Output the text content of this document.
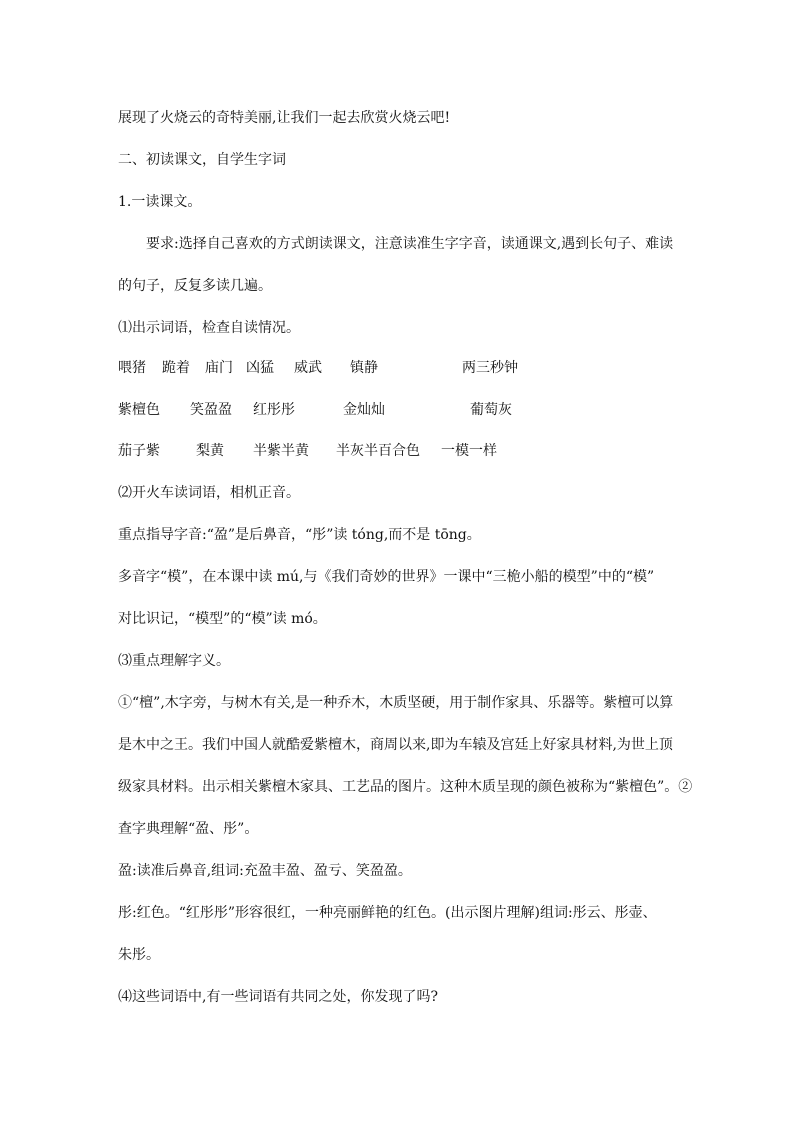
展现了火烧云的奇特美丽,让我们一起去欣赏火烧云吧!
二、初读课文，自学生字词
1.一读课文。
要求:选择自己喜欢的方式朗读课文，注意读准生字字音，读通课文,遇到长句子、难读
的句子，反复多读几遍。
⑴出示词语，检查自读情况。
喂猪 跪着 庙门 凶猛 威武 镇静	两三秒钟
紫檀色 笑盈盈 红彤彤	金灿灿	葡萄灰
茄子紫	梨黄 半紫半黄 半灰半百合色 一模一样
⑵开火车读词语，相机正音。
重点指导字音:“盈”是后鼻音，“彤”读 tóng,而不是 tōng。
多音字“模”，在本课中读 mú,与《我们奇妙的世界》一课中“三桅小船的模型”中的“模”
对比识记，“模型”的“模”读 mó。
⑶重点理解字义。
①“檀”,木字旁，与树木有关,是一种乔木，木质坚硬，用于制作家具、乐器等。紫檀可以算
是木中之王。我们中国人就酷爱紫檀木，商周以来,即为车辕及宫廷上好家具材料,为世上顶
级家具材料。出示相关紫檀木家具、工艺品的图片。这种木质呈现的颜色被称为“紫檀色”。②
查字典理解“盈、彤”。
盈:读准后鼻音,组词:充盈丰盈、盈亏、笑盈盈。
彤:红色。“红彤彤”形容很红，一种亮丽鲜艳的红色。(出示图片理解)组词:彤云、彤壶、
朱彤。
⑷这些词语中,有一些词语有共同之处，你发现了吗?
